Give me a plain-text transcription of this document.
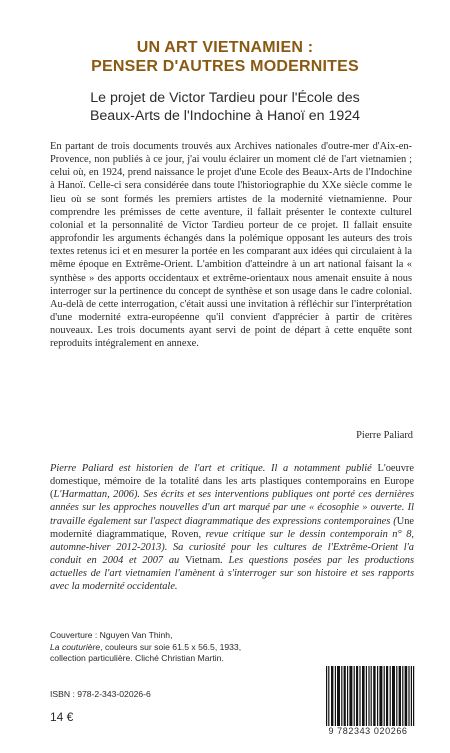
UN ART VIETNAMIEN :
PENSER D'AUTRES MODERNITES
Le projet de Victor Tardieu pour l'École des
Beaux-Arts de l'Indochine à Hanoï en 1924
En partant de trois documents trouvés aux Archives nationales d'outre-mer d'Aix-en-Provence, non publiés à ce jour, j'ai voulu éclairer un moment clé de l'art vietnamien ; celui où, en 1924, prend naissance le projet d'une Ecole des Beaux-Arts de l'Indochine à Hanoï. Celle-ci sera considérée dans toute l'historiographie du XXe siècle comme le lieu où se sont formés les premiers artistes de la modernité vietnamienne. Pour comprendre les prémisses de cette aventure, il fallait présenter le contexte culturel colonial et la personnalité de Victor Tardieu porteur de ce projet. Il fallait ensuite approfondir les arguments échangés dans la polémique opposant les auteurs des trois textes retenus ici et en mesurer la portée en les comparant aux idées qui circulaient à la même époque en Extrême-Orient. L'ambition d'atteindre à un art national faisant la « synthèse » des apports occidentaux et extrême-orientaux nous amenait ensuite à nous interroger sur la pertinence du concept de synthèse et son usage dans le cadre colonial. Au-delà de cette interrogation, c'était aussi une invitation à réfléchir sur l'interprétation d'une modernité extra-européenne qu'il convient d'apprécier à partir de critères nouveaux. Les trois documents ayant servi de point de départ à cette enquête sont reproduits intégralement en annexe.
Pierre Paliard
Pierre Paliard est historien de l'art et critique. Il a notamment publié L'oeuvre domestique, mémoire de la totalité dans les arts plastiques contemporains en Europe (L'Harmattan, 2006). Ses écrits et ses interventions publiques ont porté ces dernières années sur les approches nouvelles d'un art marqué par une « écosophie » ouverte. Il travaille également sur l'aspect diagrammatique des expressions contemporaines (Une modernité diagrammatique, Roven, revue critique sur le dessin contemporain n° 8, automne-hiver 2012-2013). Sa curiosité pour les cultures de l'Extrême-Orient l'a conduit en 2004 et 2007 au Vietnam. Les questions posées par les productions actuelles de l'art vietnamien l'amènent à s'interroger sur son histoire et ses rapports avec la modernité occidentale.
Couverture : Nguyen Van Thinh,
La couturière, couleurs sur soie 61.5 x 56.5, 1933,
collection particulière. Cliché Christian Martin.
ISBN : 978-2-343-02026-6
14 €
9 782343 020266
